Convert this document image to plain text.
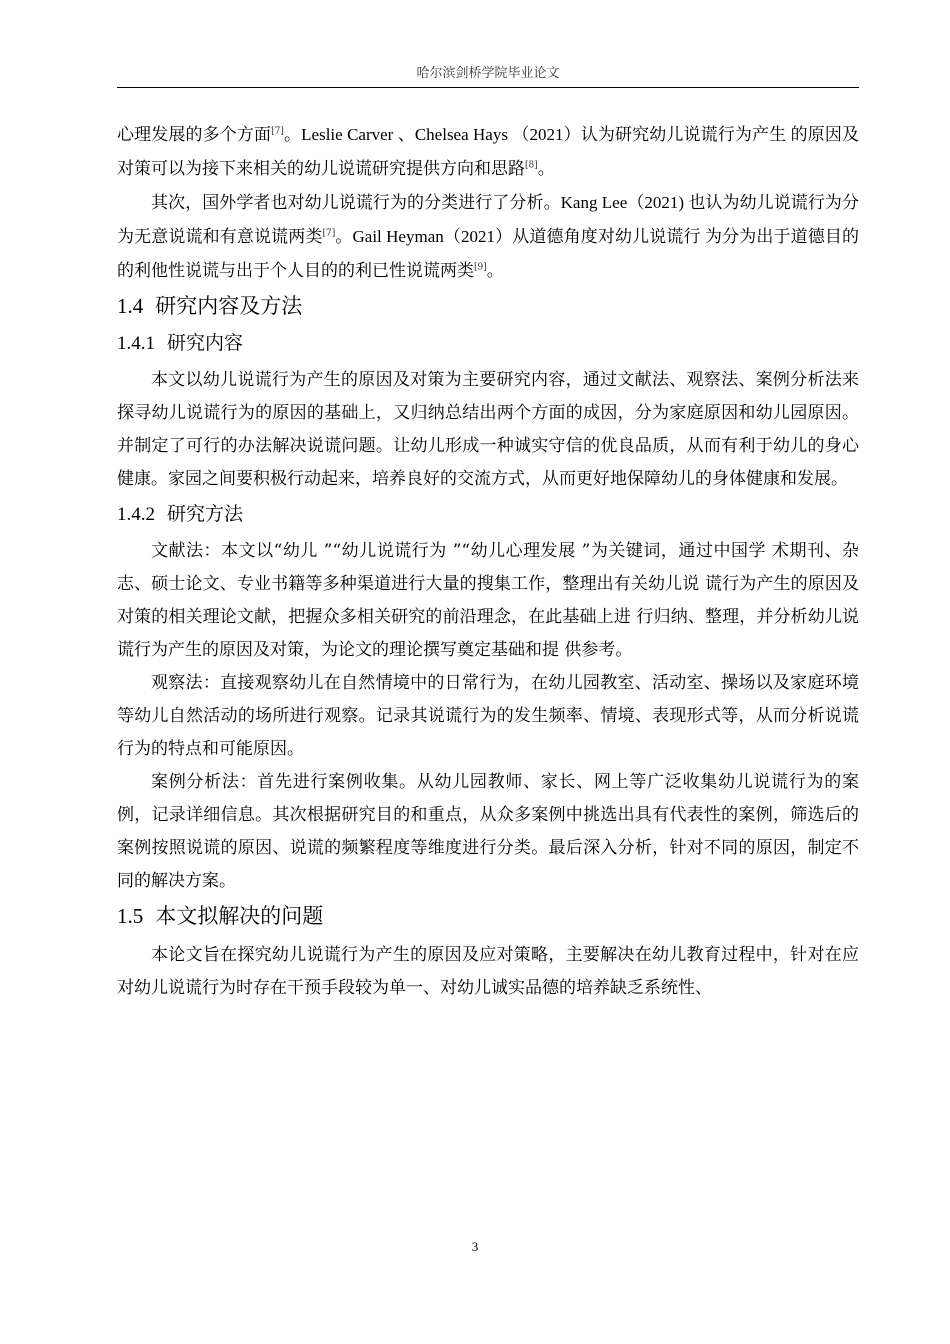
哈尔滨剑桥学院毕业论文

心理发展的多个方面[7]。Leslie Carver 、Chelsea Hays （2021）认为研究幼儿说谎行为产生 的原因及对策可以为接下来相关的幼儿说谎研究提供方向和思路[8]。

其次，国外学者也对幼儿说谎行为的分类进行了分析。Kang Lee（2021) 也认为幼儿说谎行为分为无意说谎和有意说谎两类[7]。Gail Heyman（2021）从道德角度对幼儿说谎行 为分为出于道德目的的利他性说谎与出于个人目的的利已性说谎两类[9]。

1.4 研究内容及方法
1.4.1 研究内容

本文以幼儿说谎行为产生的原因及对策为主要研究内容，通过文献法、观察法、案例分析法来探寻幼儿说谎行为的原因的基础上，又归纳总结出两个方面的成因，分为家庭原因和幼儿园原因。并制定了可行的办法解决说谎问题。让幼儿形成一种诚实守信的优良品质，从而有利于幼儿的身心健康。家园之间要积极行动起来，培养良好的交流方式，从而更好地保障幼儿的身体健康和发展。

1.4.2 研究方法

文献法：本文以“幼儿 ”“幼儿说谎行为 ”“幼儿心理发展 ”为关键词，通过中国学 术期刊、杂志、硕士论文、专业书籍等多种渠道进行大量的搜集工作，整理出有关幼儿说 谎行为产生的原因及对策的相关理论文献，把握众多相关研究的前沿理念，在此基础上进 行归纳、整理，并分析幼儿说谎行为产生的原因及对策，为论文的理论撰写奠定基础和提 供参考。

观察法：直接观察幼儿在自然情境中的日常行为，在幼儿园教室、活动室、操场以及家庭环境等幼儿自然活动的场所进行观察。记录其说谎行为的发生频率、情境、表现形式等，从而分析说谎行为的特点和可能原因。

案例分析法：首先进行案例收集。从幼儿园教师、家长、网上等广泛收集幼儿说谎行为的案例，记录详细信息。其次根据研究目的和重点，从众多案例中挑选出具有代表性的案例，筛选后的案例按照说谎的原因、说谎的频繁程度等维度进行分类。最后深入分析，针对不同的原因，制定不同的解决方案。

1.5 本文拟解决的问题

本论文旨在探究幼儿说谎行为产生的原因及应对策略，主要解决在幼儿教育过程中，针对在应对幼儿说谎行为时存在干预手段较为单一、对幼儿诚实品德的培养缺乏系统性、

3
